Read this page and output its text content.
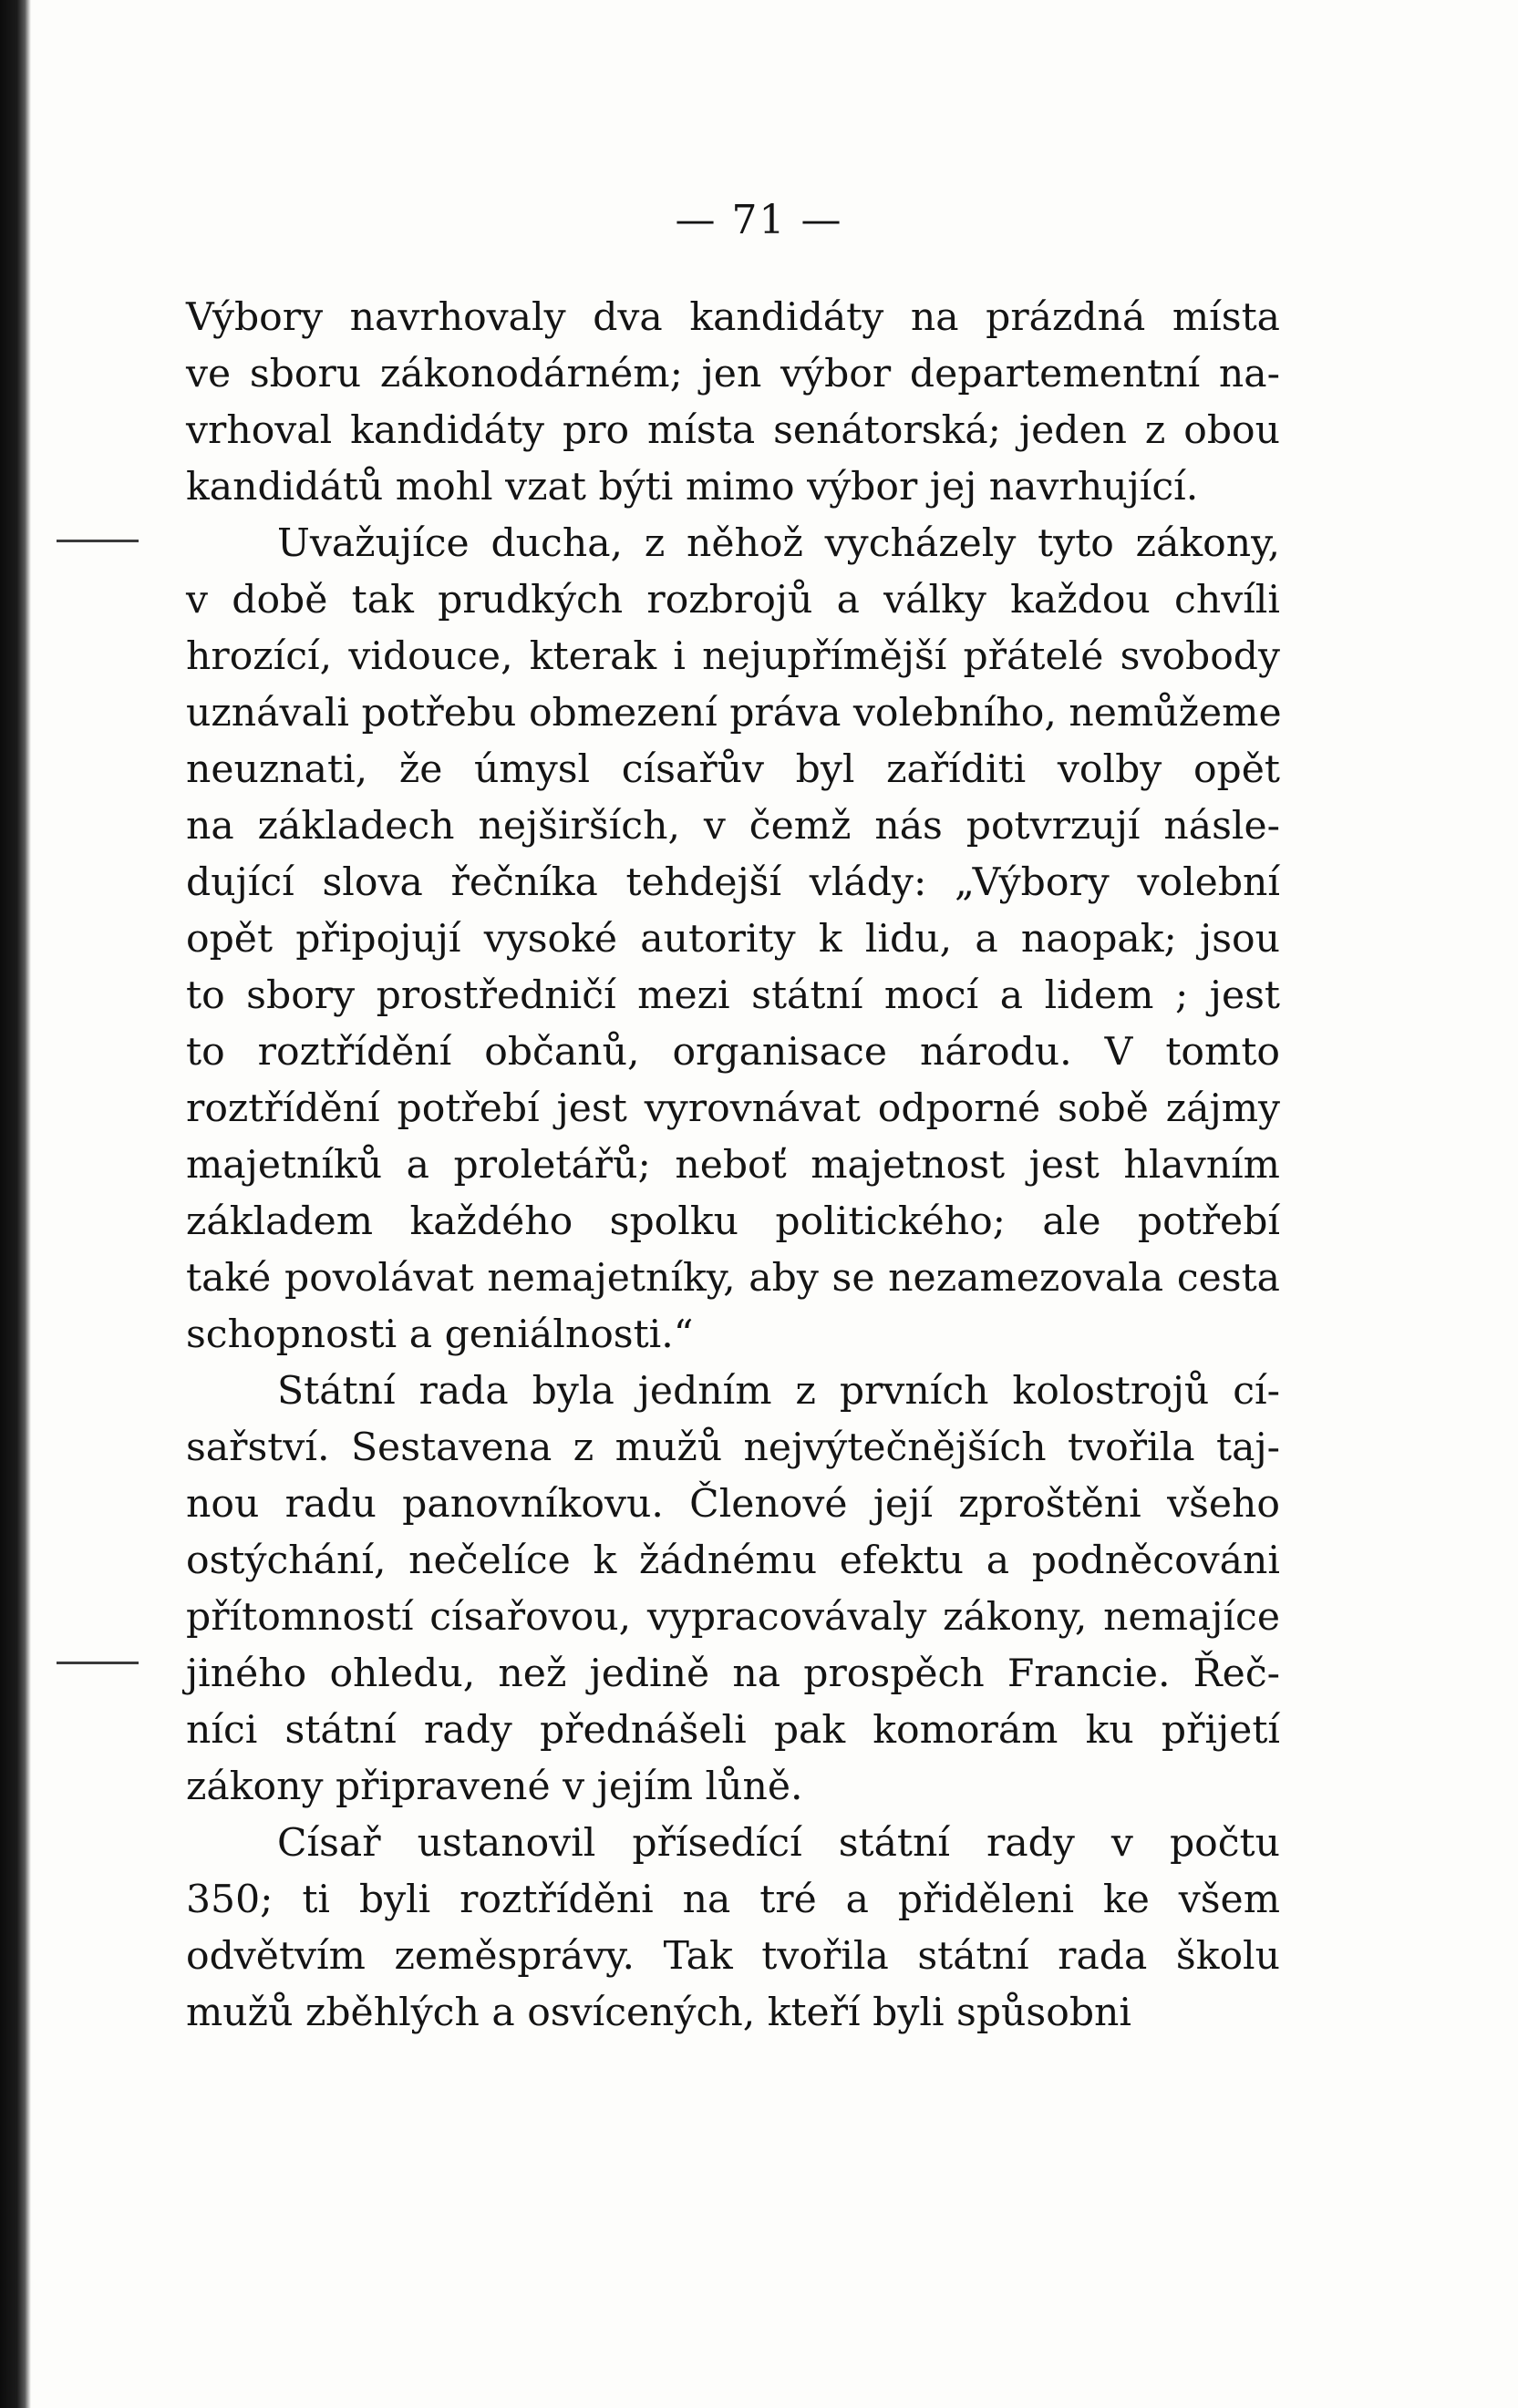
— 71 —
Výbory navrhovaly dva kandidáty na prázdná místa
ve sboru zákonodárném; jen výbor departementní na-
vrhoval kandidáty pro místa senátorská; jeden z obou
kandidátů mohl vzat býti mimo výbor jej navrhující.
Uvažujíce ducha, z něhož vycházely tyto zákony,
v době tak prudkých rozbrojů a války každou chvíli
hrozící, vidouce, kterak i nejupřímější přátelé svobody
uznávali potřebu obmezení práva volebního, nemůžeme
neuznati, že úmysl císařův byl zaříditi volby opět
na základech nejširších, v čemž nás potvrzují násle-
dující slova řečníka tehdejší vlády: „Výbory volební
opět připojují vysoké autority k lidu, a naopak; jsou
to sbory prostředničí mezi státní mocí a lidem ; jest
to roztřídění občanů, organisace národu. V tomto
roztřídění potřebí jest vyrovnávat odporné sobě zájmy
majetníků a proletářů; neboť majetnost jest hlavním
základem každého spolku politického; ale potřebí
také povolávat nemajetníky, aby se nezamezovala cesta
schopnosti a geniálnosti.“
Státní rada byla jedním z prvních kolostrojů cí-
sařství. Sestavena z mužů nejvýtečnějších tvořila taj-
nou radu panovníkovu. Členové její zproštěni všeho
ostýchání, nečelíce k žádnému efektu a podněcováni
přítomností císařovou, vypracovávaly zákony, nemajíce
jiného ohledu, než jedině na prospěch Francie. Řeč-
níci státní rady přednášeli pak komorám ku přijetí
zákony připravené v jejím lůně.
Císař ustanovil přísedící státní rady v počtu
350; ti byli roztříděni na tré a přiděleni ke všem
odvětvím zeměsprávy. Tak tvořila státní rada školu
mužů zběhlých a osvícených, kteří byli spůsobni
